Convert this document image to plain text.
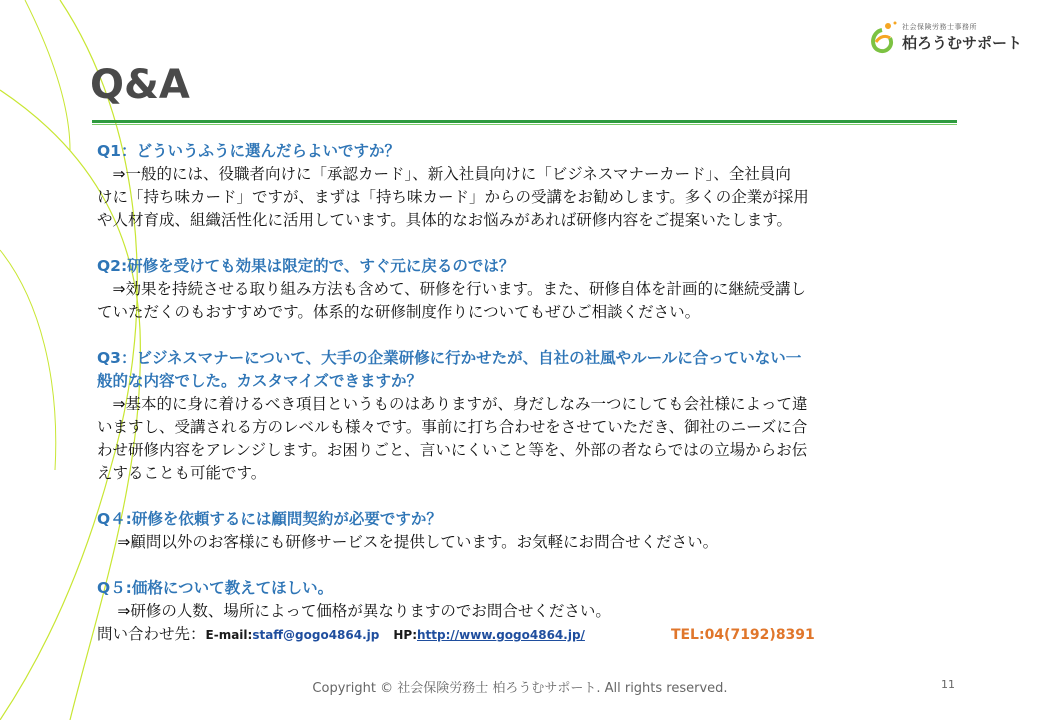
社会保険労務士事務所
柏ろうむサポート
Q&A
Q1：どういうふうに選んだらよいですか？
　⇒一般的には、役職者向けに「承認カード」、新入社員向けに「ビジネスマナーカード」、全社員向
けに「持ち味カード」ですが、まずは「持ち味カード」からの受講をお勧めします。多くの企業が採用
や人材育成、組織活性化に活用しています。具体的なお悩みがあれば研修内容をご提案いたします。
Q2:研修を受けても効果は限定的で、すぐ元に戻るのでは？
　⇒効果を持続させる取り組み方法も含めて、研修を行います。また、研修自体を計画的に継続受講し
ていただくのもおすすめです。体系的な研修制度作りについてもぜひご相談ください。
Q3：ビジネスマナーについて、大手の企業研修に行かせたが、自社の社風やルールに合っていない一
般的な内容でした。カスタマイズできますか？
　⇒基本的に身に着けるべき項目というものはありますが、身だしなみ一つにしても会社様によって違
いますし、受講される方のレベルも様々です。事前に打ち合わせをさせていただき、御社のニーズに合
わせ研修内容をアレンジします。お困りごと、言いにくいこと等を、外部の者ならではの立場からお伝
えすることも可能です。
Q４:研修を依頼するには顧問契約が必要ですか？
　 ⇒顧問以外のお客様にも研修サービスを提供しています。お気軽にお問合せください。
Q５:価格について教えてほしい。
　 ⇒研修の人数、場所によって価格が異なりますのでお問合せください。
問い合わせ先： E-mail: staff@gogo4864.jp HP: http://www.gogo4864.jp/	TEL:04(7192)8391
Copyright © 社会保険労務士 柏ろうむサポート. All rights reserved.	11
